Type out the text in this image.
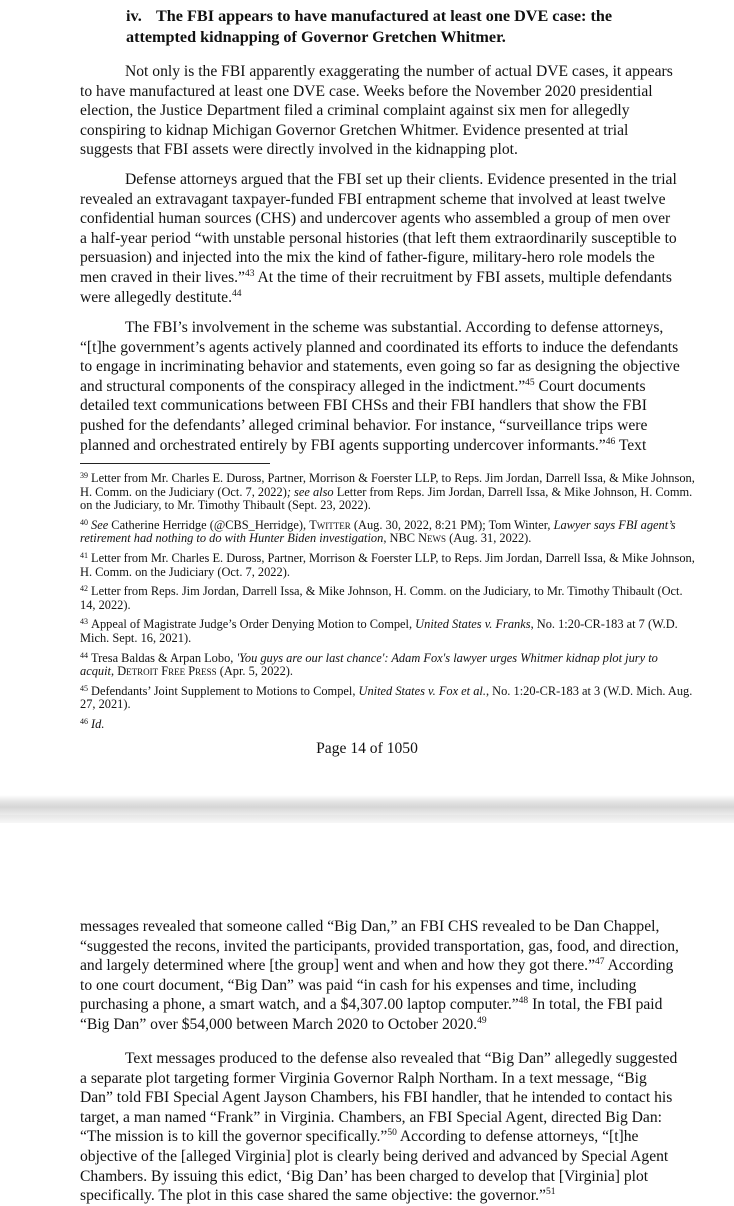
iv. The FBI appears to have manufactured at least one DVE case: the attempted kidnapping of Governor Gretchen Whitmer.

Not only is the FBI apparently exaggerating the number of actual DVE cases, it appears to have manufactured at least one DVE case. Weeks before the November 2020 presidential election, the Justice Department filed a criminal complaint against six men for allegedly conspiring to kidnap Michigan Governor Gretchen Whitmer. Evidence presented at trial suggests that FBI assets were directly involved in the kidnapping plot.

Defense attorneys argued that the FBI set up their clients. Evidence presented in the trial revealed an extravagant taxpayer-funded FBI entrapment scheme that involved at least twelve confidential human sources (CHS) and undercover agents who assembled a group of men over a half-year period “with unstable personal histories (that left them extraordinarily susceptible to persuasion) and injected into the mix the kind of father-figure, military-hero role models the men craved in their lives.”$^{43}$ At the time of their recruitment by FBI assets, multiple defendants were allegedly destitute.$^{44}$

The FBI’s involvement in the scheme was substantial. According to defense attorneys, “[t]he government’s agents actively planned and coordinated its efforts to induce the defendants to engage in incriminating behavior and statements, even going so far as designing the objective and structural components of the conspiracy alleged in the indictment.”$^{45}$ Court documents detailed text communications between FBI CHSs and their FBI handlers that show the FBI pushed for the defendants’ alleged criminal behavior. For instance, “surveillance trips were planned and orchestrated entirely by FBI agents supporting undercover informants.”$^{46}$ Text

$^{39}$ Letter from Mr. Charles E. Duross, Partner, Morrison & Foerster LLP, to Reps. Jim Jordan, Darrell Issa, & Mike Johnson, H. Comm. on the Judiciary (Oct. 7, 2022); see also Letter from Reps. Jim Jordan, Darrell Issa, & Mike Johnson, H. Comm. on the Judiciary, to Mr. Timothy Thibault (Sept. 23, 2022).
$^{40}$ See Catherine Herridge (@CBS_Herridge), Twitter (Aug. 30, 2022, 8:21 PM); Tom Winter, Lawyer says FBI agent’s retirement had nothing to do with Hunter Biden investigation, NBC News (Aug. 31, 2022).
$^{41}$ Letter from Mr. Charles E. Duross, Partner, Morrison & Foerster LLP, to Reps. Jim Jordan, Darrell Issa, & Mike Johnson, H. Comm. on the Judiciary (Oct. 7, 2022).
$^{42}$ Letter from Reps. Jim Jordan, Darrell Issa, & Mike Johnson, H. Comm. on the Judiciary, to Mr. Timothy Thibault (Oct. 14, 2022).
$^{43}$ Appeal of Magistrate Judge’s Order Denying Motion to Compel, United States v. Franks, No. 1:20-CR-183 at 7 (W.D. Mich. Sept. 16, 2021).
$^{44}$ Tresa Baldas & Arpan Lobo, 'You guys are our last chance': Adam Fox's lawyer urges Whitmer kidnap plot jury to acquit, Detroit Free Press (Apr. 5, 2022).
$^{45}$ Defendants’ Joint Supplement to Motions to Compel, United States v. Fox et al., No. 1:20-CR-183 at 3 (W.D. Mich. Aug. 27, 2021).
$^{46}$ Id.
Page 14 of 1050

messages revealed that someone called “Big Dan,” an FBI CHS revealed to be Dan Chappel, “suggested the recons, invited the participants, provided transportation, gas, food, and direction, and largely determined where [the group] went and when and how they got there.”$^{47}$ According to one court document, “Big Dan” was paid “in cash for his expenses and time, including purchasing a phone, a smart watch, and a $4,307.00 laptop computer.”$^{48}$ In total, the FBI paid “Big Dan” over $54,000 between March 2020 to October 2020.49

Text messages produced to the defense also revealed that “Big Dan” allegedly suggested a separate plot targeting former Virginia Governor Ralph Northam. In a text message, “Big Dan” told FBI Special Agent Jayson Chambers, his FBI handler, that he intended to contact his target, a man named “Frank” in Virginia. Chambers, an FBI Special Agent, directed Big Dan: “The mission is to kill the governor specifically.”$^{50}$ According to defense attorneys, “[t]he objective of the [alleged Virginia] plot is clearly being derived and advanced by Special Agent Chambers. By issuing this edict, ‘Big Dan’ has been charged to develop that [Virginia] plot specifically. The plot in this case shared the same objective: the governor.”$^{51}$
